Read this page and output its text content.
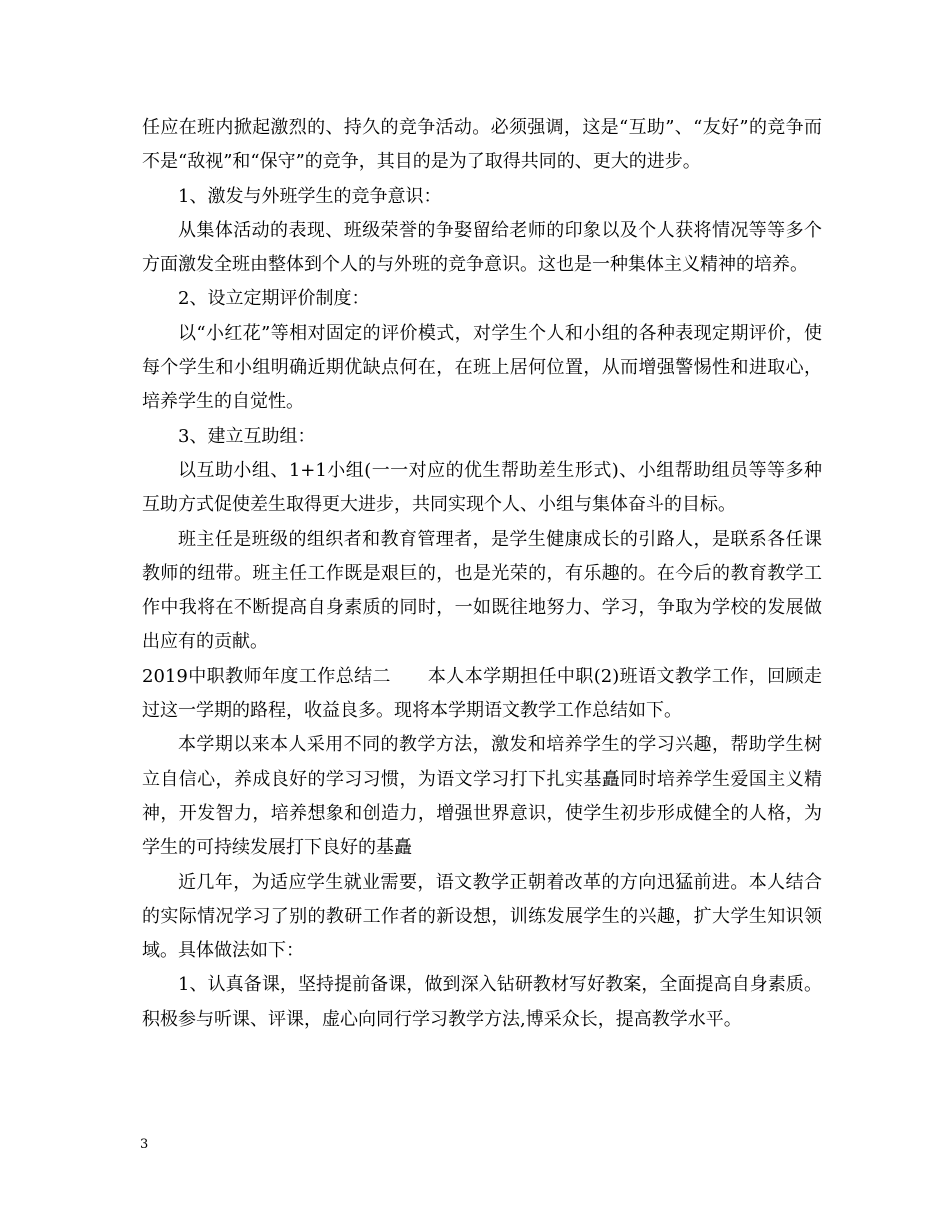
任应在班内掀起激烈的、持久的竞争活动。必须强调，这是“互助”、“友好”的竞争而不是“敌视”和“保守”的竞争，其目的是为了取得共同的、更大的进步。

1、激发与外班学生的竞争意识：

从集体活动的表现、班级荣誉的争娶留给老师的印象以及个人获将情况等等多个方面激发全班由整体到个人的与外班的竞争意识。这也是一种集体主义精神的培养。

2、设立定期评价制度：

以“小红花”等相对固定的评价模式，对学生个人和小组的各种表现定期评价，使每个学生和小组明确近期优缺点何在，在班上居何位置，从而增强警惕性和进取心，培养学生的自觉性。

3、建立互助组：

以互助小组、1+1小组(一一对应的优生帮助差生形式)、小组帮助组员等等多种互助方式促使差生取得更大进步，共同实现个人、小组与集体奋斗的目标。

班主任是班级的组织者和教育管理者，是学生健康成长的引路人，是联系各任课教师的纽带。班主任工作既是艰巨的，也是光荣的，有乐趣的。在今后的教育教学工作中我将在不断提高自身素质的同时，一如既往地努力、学习，争取为学校的发展做出应有的贡献。

2019中职教师年度工作总结二　　本人本学期担任中职(2)班语文教学工作，回顾走过这一学期的路程，收益良多。现将本学期语文教学工作总结如下。

本学期以来本人采用不同的教学方法，激发和培养学生的学习兴趣，帮助学生树立自信心，养成良好的学习习惯，为语文学习打下扎实基矗同时培养学生爱国主义精神，开发智力，培养想象和创造力，增强世界意识，使学生初步形成健全的人格，为学生的可持续发展打下良好的基矗

近几年，为适应学生就业需要，语文教学正朝着改革的方向迅猛前进。本人结合的实际情况学习了别的教研工作者的新设想，训练发展学生的兴趣，扩大学生知识领域。具体做法如下：

1、认真备课，坚持提前备课，做到深入钻研教材写好教案，全面提高自身素质。积极参与听课、评课，虚心向同行学习教学方法,博采众长，提高教学水平。

3
